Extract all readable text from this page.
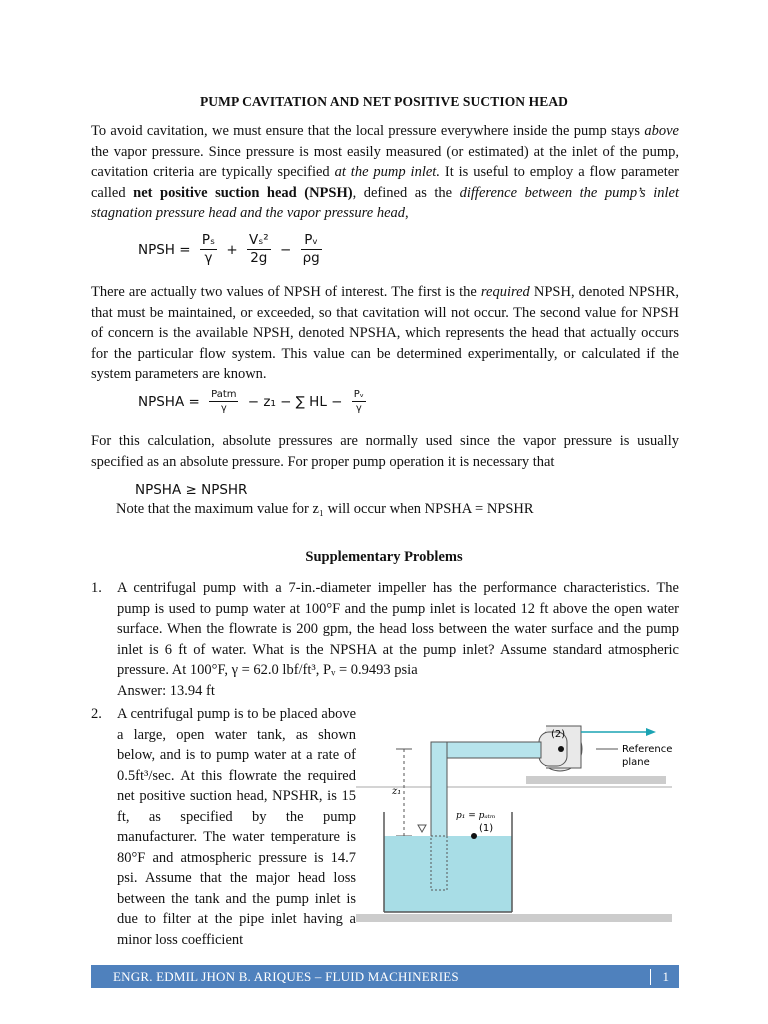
PUMP CAVITATION AND NET POSITIVE SUCTION HEAD
To avoid cavitation, we must ensure that the local pressure everywhere inside the pump stays above the vapor pressure. Since pressure is most easily measured (or estimated) at the inlet of the pump, cavitation criteria are typically specified at the pump inlet. It is useful to employ a flow parameter called net positive suction head (NPSH), defined as the difference between the pump’s inlet stagnation pressure head and the vapor pressure head,
NPSH = $\frac{\text{Pₛ}}{\gamma} + \frac{\text{Vₛ²}}{2g} - \frac{\text{Pᵥ}}{\rho g}$
There are actually two values of NPSH of interest. The first is the required NPSH, denoted NPSHR, that must be maintained, or exceeded, so that cavitation will not occur. The second value for NPSH of concern is the available NPSH, denoted NPSHA, which represents the head that actually occurs for the particular flow system. This value can be determined experimentally, or calculated if the system parameters are known.
NPSHA = $\frac{\text{Patm}}{\gamma} - z_1$ − ∑ HL − $\frac{\text{Pᵥ}}{\gamma}$
For this calculation, absolute pressures are normally used since the vapor pressure is usually specified as an absolute pressure. For proper pump operation it is necessary that
NPSHA ≥ NPSHR
Note that the maximum value for z₁ will occur when NPSHA = NPSHR
Supplementary Problems
1. A centrifugal pump with a 7-in.-diameter impeller has the performance characteristics. The pump is used to pump water at 100°F and the pump inlet is located 12 ft above the open water surface. When the flowrate is 200 gpm, the head loss between the water surface and the pump inlet is 6 ft of water. What is the NPSHA at the pump inlet? Assume standard atmospheric pressure. At 100°F, γ = 62.0 lbf/ft³, Pᵥ = 0.9493 psia
Answer: 13.94 ft
2. A centrifugal pump is to be placed above a large, open water tank, as shown below, and is to pump water at a rate of 0.5ft³/sec. At this flowrate the required net positive suction head, NPSHR, is 15 ft, as specified by the pump manufacturer. The water temperature is 80°F and atmospheric pressure is 14.7 psi. Assume that the major head loss between the tank and the pump inlet is due to filter at the pipe inlet having a minor loss coefficient
(2)
Reference
plane
z₁
p₁ = pₐₜₘ
(1)
ENGR. EDMIL JHON B. ARIQUES – FLUID MACHINERIES	1
